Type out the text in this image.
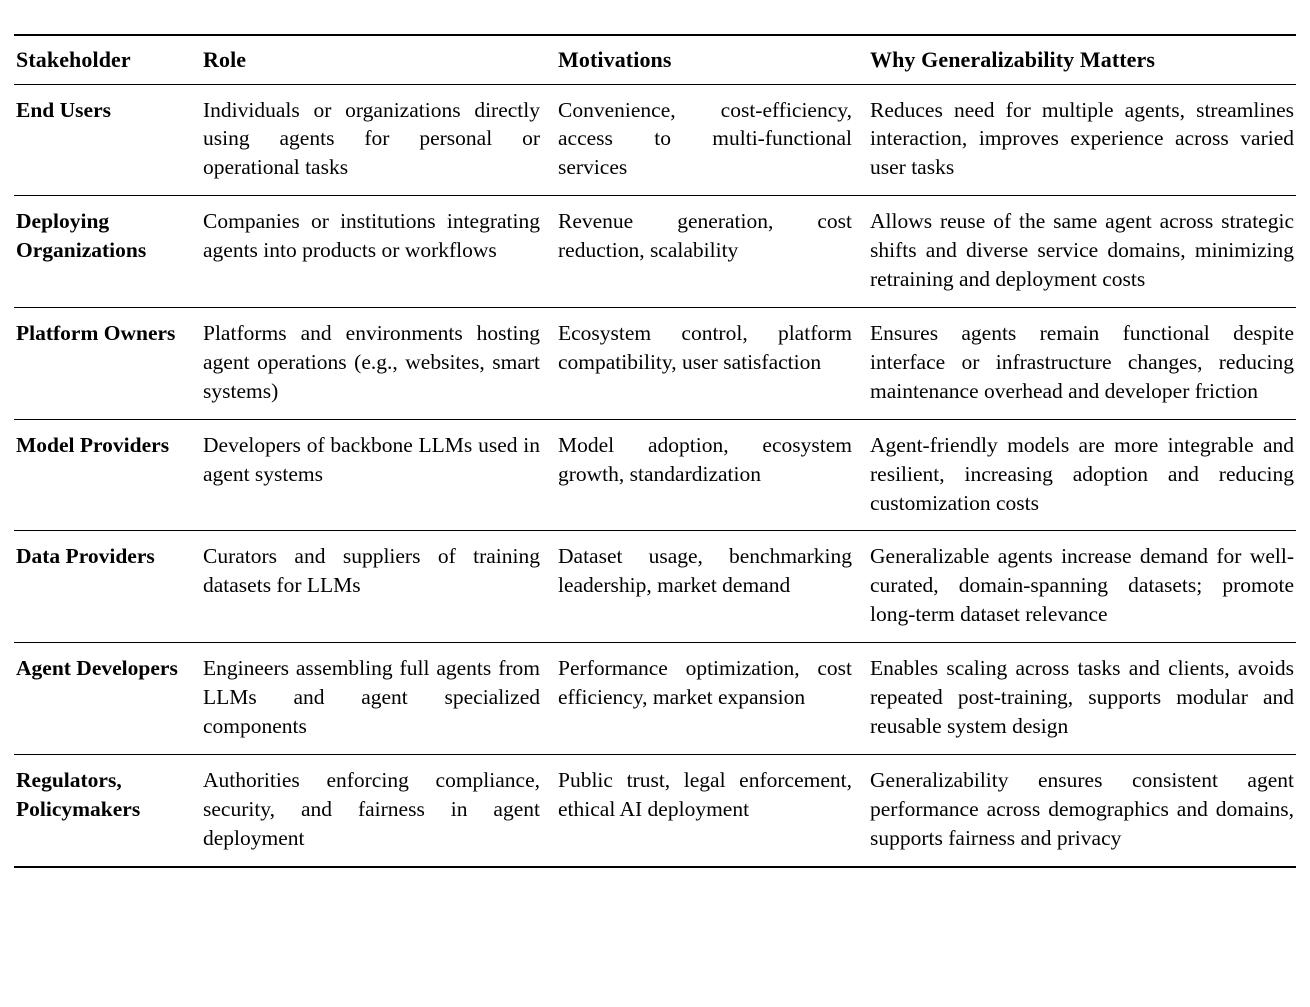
Stakeholder	Role	Motivations	Why Generalizability Matters
End Users	Individuals or organizations directly using agents for personal or operational tasks	Convenience, cost-efficiency, access to multi-functional services	Reduces need for multiple agents, streamlines interaction, improves experience across varied user tasks
Deploying Organizations	Companies or institutions integrating agents into products or workflows	Revenue generation, cost reduction, scalability	Allows reuse of the same agent across strategic shifts and diverse service domains, minimizing retraining and deployment costs
Platform Owners	Platforms and environments hosting agent operations (e.g., websites, smart systems)	Ecosystem control, platform compatibility, user satisfaction	Ensures agents remain functional despite interface or infrastructure changes, reducing maintenance overhead and developer friction
Model Providers	Developers of backbone LLMs used in agent systems	Model adoption, ecosystem growth, standardization	Agent-friendly models are more integrable and resilient, increasing adoption and reducing customization costs
Data Providers	Curators and suppliers of training datasets for LLMs	Dataset usage, benchmarking leadership, market demand	Generalizable agents increase demand for well-curated, domain-spanning datasets; promote long-term dataset relevance
Agent Developers	Engineers assembling full agents from LLMs and agent specialized components	Performance optimization, cost efficiency, market expansion	Enables scaling across tasks and clients, avoids repeated post-training, supports modular and reusable system design
Regulators, Policymakers	Authorities enforcing compliance, security, and fairness in agent deployment	Public trust, legal enforcement, ethical AI deployment	Generalizability ensures consistent agent performance across demographics and domains, supports fairness and privacy
